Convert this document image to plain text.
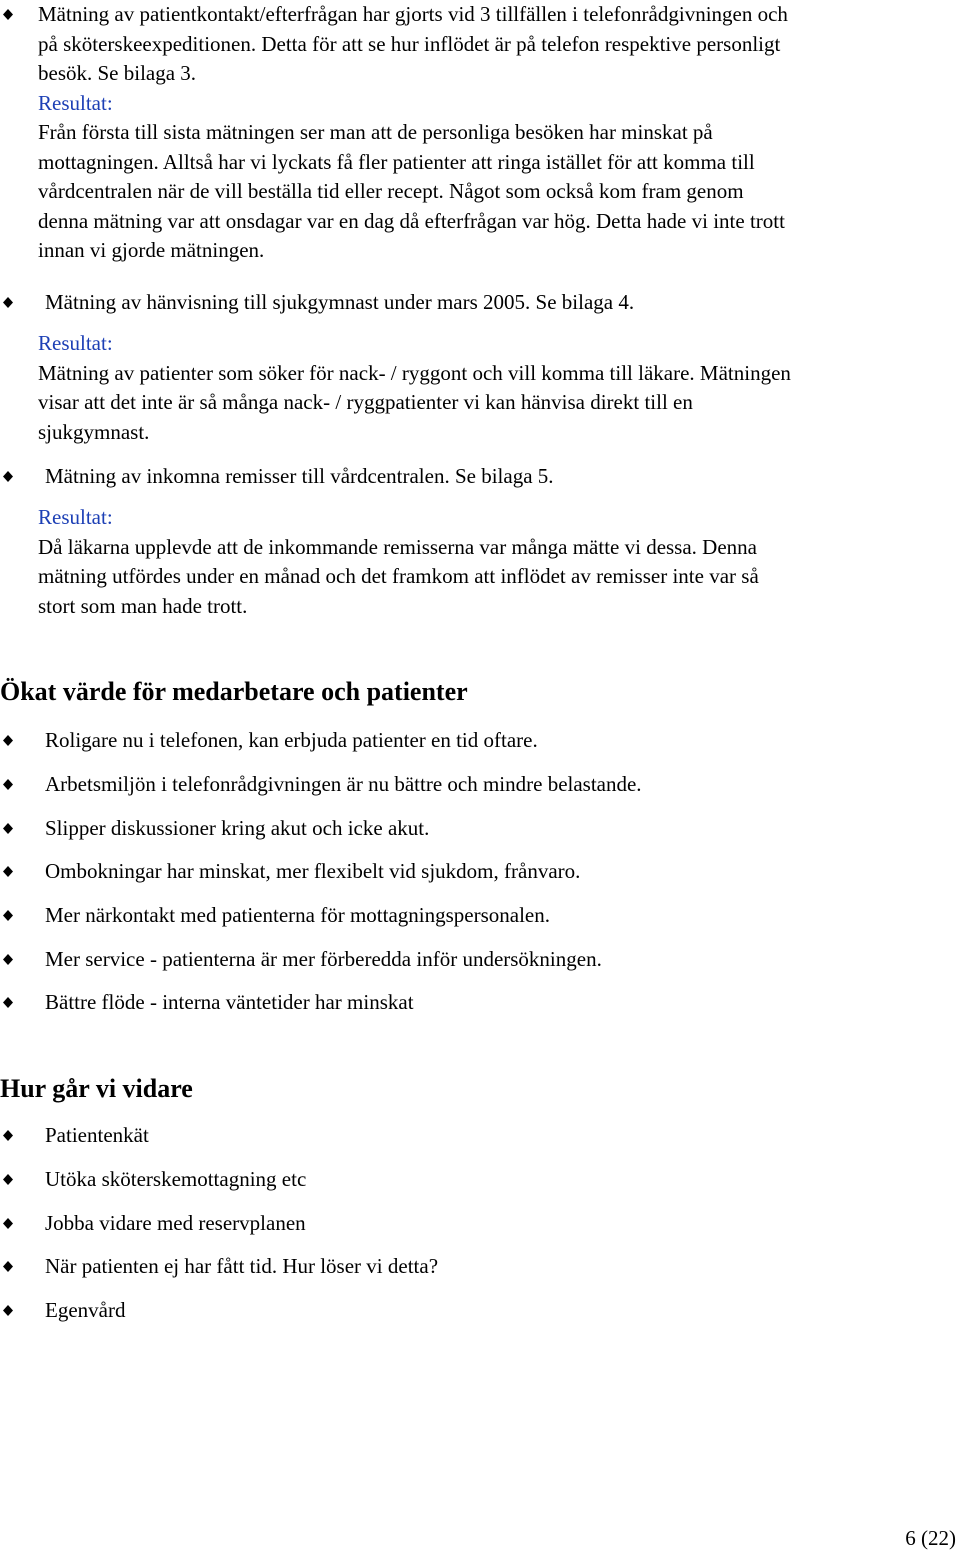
Mätning av patientkontakt/efterfrågan har gjorts vid 3 tillfällen i telefonrådgivningen och
på sköterskeexpeditionen. Detta för att se hur inflödet är på telefon respektive personligt
besök. Se bilaga 3.
Resultat:
Från första till sista mätningen ser man att de personliga besöken har minskat på
mottagningen. Alltså har vi lyckats få fler patienter att ringa istället för att komma till
vårdcentralen när de vill beställa tid eller recept. Något som också kom fram genom
denna mätning var att onsdagar var en dag då efterfrågan var hög. Detta hade vi inte trott
innan vi gjorde mätningen.
Mätning av hänvisning till sjukgymnast under mars 2005. Se bilaga 4.
Resultat:
Mätning av patienter som söker för nack- / ryggont och vill komma till läkare. Mätningen
visar att det inte är så många nack- / ryggpatienter vi kan hänvisa direkt till en
sjukgymnast.
Mätning av inkomna remisser till vårdcentralen. Se bilaga 5.
Resultat:
Då läkarna upplevde att de inkommande remisserna var många mätte vi dessa. Denna
mätning utfördes under en månad och det framkom att inflödet av remisser inte var så
stort som man hade trott.
Ökat värde för medarbetare och patienter
Roligare nu i telefonen, kan erbjuda patienter en tid oftare.
Arbetsmiljön i telefonrådgivningen är nu bättre och mindre belastande.
Slipper diskussioner kring akut och icke akut.
Ombokningar har minskat, mer flexibelt vid sjukdom, frånvaro.
Mer närkontakt med patienterna för mottagningspersonalen.
Mer service - patienterna är mer förberedda inför undersökningen.
Bättre flöde - interna väntetider har minskat
Hur går vi vidare
Patientenkät
Utöka sköterskemottagning etc
Jobba vidare med reservplanen
När patienten ej har fått tid. Hur löser vi detta?
Egenvård
6 (22)
